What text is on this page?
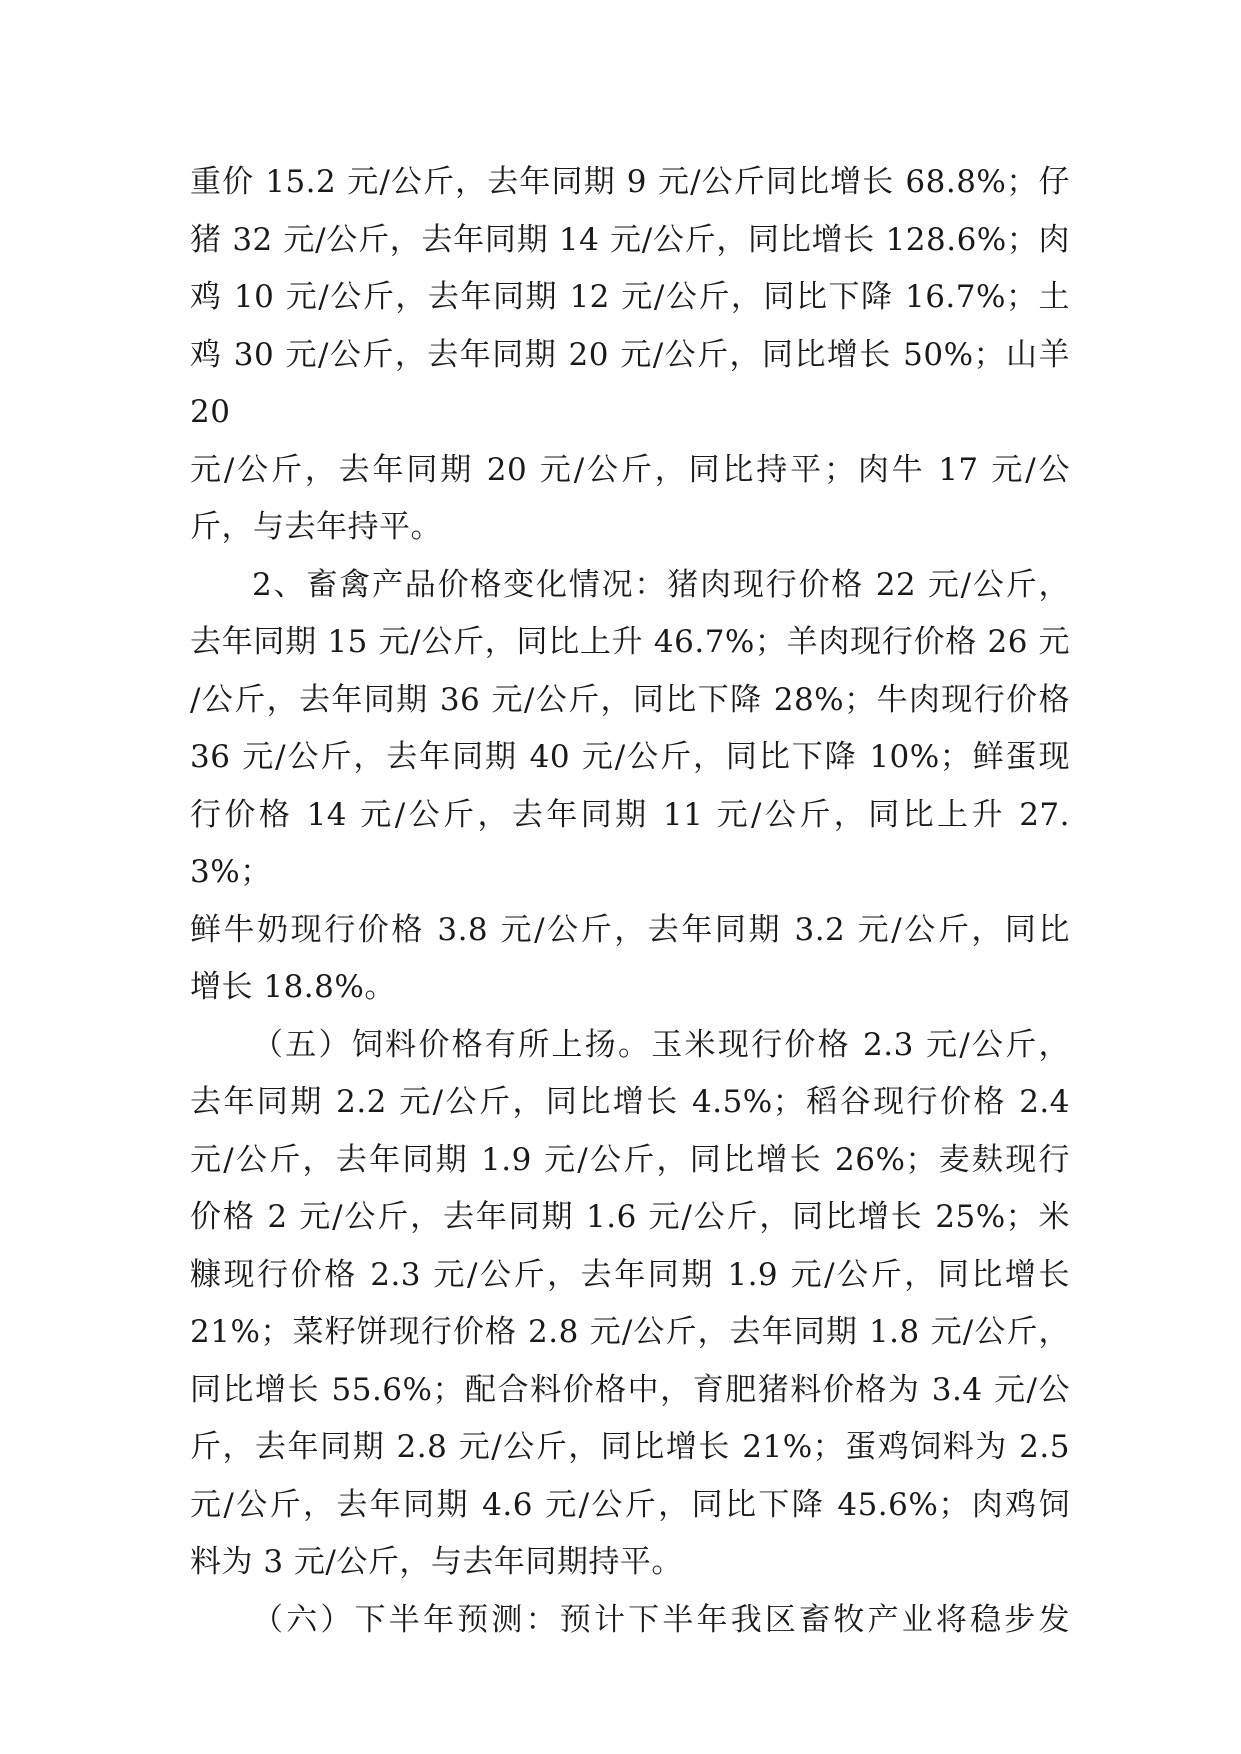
重价 15.2 元/公斤，去年同期 9 元/公斤同比增长 68.8%；仔

猪 32 元/公斤，去年同期 14 元/公斤，同比增长 128.6%；肉

鸡 10 元/公斤，去年同期 12 元/公斤，同比下降 16.7%；土

鸡 30 元/公斤，去年同期 20 元/公斤，同比增长 50%；山羊 20

元/公斤，去年同期 20 元/公斤，同比持平；肉牛 17 元/公

斤，与去年持平。

2、畜禽产品价格变化情况：猪肉现行价格 22 元/公斤，

去年同期 15 元/公斤，同比上升 46.7%；羊肉现行价格 26 元

/公斤，去年同期 36 元/公斤，同比下降 28%；牛肉现行价格

36 元/公斤，去年同期 40 元/公斤，同比下降 10%；鲜蛋现

行价格 14 元/公斤，去年同期 11 元/公斤，同比上升 27.3%；

鲜牛奶现行价格 3.8 元/公斤，去年同期 3.2 元/公斤，同比

增长 18.8%。

（五）饲料价格有所上扬。玉米现行价格 2.3 元/公斤，

去年同期 2.2 元/公斤，同比增长 4.5%；稻谷现行价格 2.4

元/公斤，去年同期 1.9 元/公斤，同比增长 26%；麦麸现行

价格 2 元/公斤，去年同期 1.6 元/公斤，同比增长 25%；米

糠现行价格 2.3 元/公斤，去年同期 1.9 元/公斤，同比增长

21%；菜籽饼现行价格 2.8 元/公斤，去年同期 1.8 元/公斤，

同比增长 55.6%；配合料价格中，育肥猪料价格为 3.4 元/公

斤，去年同期 2.8 元/公斤，同比增长 21%；蛋鸡饲料为 2.5

元/公斤，去年同期 4.6 元/公斤，同比下降 45.6%；肉鸡饲

料为 3 元/公斤，与去年同期持平。

（六）下半年预测：预计下半年我区畜牧产业将稳步发
